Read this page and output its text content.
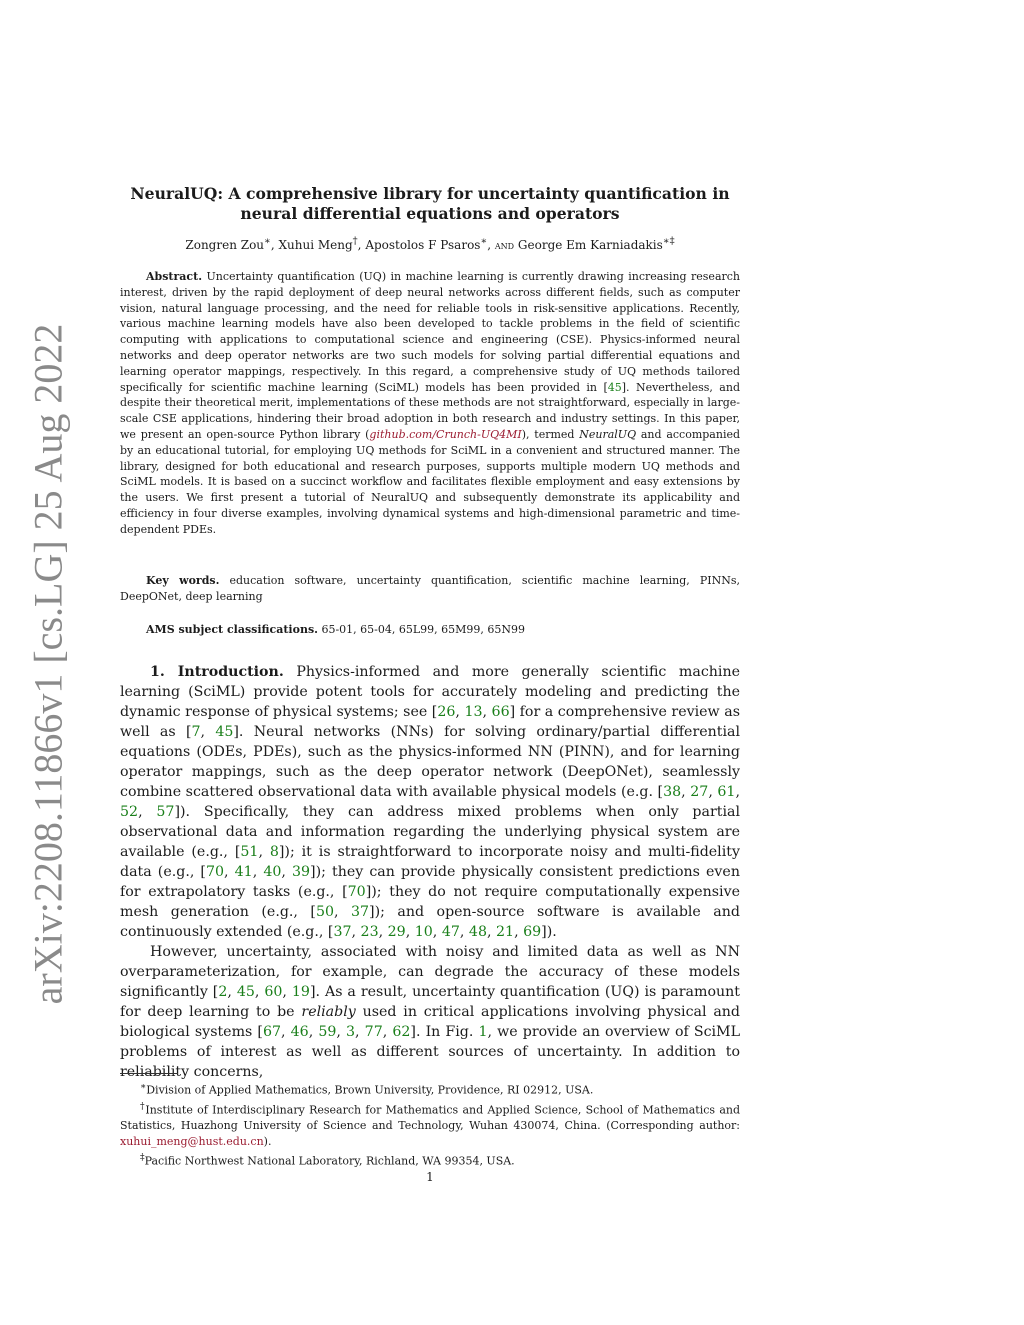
arXiv:2208.11866v1 [cs.LG] 25 Aug 2022
NeuralUQ: A comprehensive library for uncertainty quantification in
neural differential equations and operators
Zongren Zou∗, Xuhui Meng†, Apostolos F Psaros∗, and George Em Karniadakis∗‡
Abstract. Uncertainty quantification (UQ) in machine learning is currently drawing increasing research interest, driven by the rapid deployment of deep neural networks across different fields, such as computer vision, natural language processing, and the need for reliable tools in risk-sensitive applications. Recently, various machine learning models have also been developed to tackle problems in the field of scientific computing with applications to computational science and engineering (CSE). Physics-informed neural networks and deep operator networks are two such models for solving partial differential equations and learning operator mappings, respectively. In this regard, a comprehensive study of UQ methods tailored specifically for scientific machine learning (SciML) models has been provided in [45]. Nevertheless, and despite their theoretical merit, implementations of these methods are not straightforward, especially in large-scale CSE applications, hindering their broad adoption in both research and industry settings. In this paper, we present an open-source Python library (github.com/Crunch-UQ4MI), termed NeuralUQ and accompanied by an educational tutorial, for employing UQ methods for SciML in a convenient and structured manner. The library, designed for both educational and research purposes, supports multiple modern UQ methods and SciML models. It is based on a succinct workflow and facilitates flexible employment and easy extensions by the users. We first present a tutorial of NeuralUQ and subsequently demonstrate its applicability and efficiency in four diverse examples, involving dynamical systems and high-dimensional parametric and time-dependent PDEs.
Key words. education software, uncertainty quantification, scientific machine learning, PINNs, DeepONet, deep learning
AMS subject classifications. 65-01, 65-04, 65L99, 65M99, 65N99

1. Introduction. Physics-informed and more generally scientific machine learning (SciML) provide potent tools for accurately modeling and predicting the dynamic response of physical systems; see [26, 13, 66] for a comprehensive review as well as [7, 45]. Neural networks (NNs) for solving ordinary/partial differential equations (ODEs, PDEs), such as the physics-informed NN (PINN), and for learning operator mappings, such as the deep operator network (DeepONet), seamlessly combine scattered observational data with available physical models (e.g. [38, 27, 61, 52, 57]). Specifically, they can address mixed problems when only partial observational data and information regarding the underlying physical system are available (e.g., [51, 8]); it is straightforward to incorporate noisy and multi-fidelity data (e.g., [70, 41, 40, 39]); they can provide physically consistent predictions even for extrapolatory tasks (e.g., [70]); they do not require computationally expensive mesh generation (e.g., [50, 37]); and open-source software is available and continuously extended (e.g., [37, 23, 29, 10, 47, 48, 21, 69]).

However, uncertainty, associated with noisy and limited data as well as NN overparameterization, for example, can degrade the accuracy of these models significantly [2, 45, 60, 19]. As a result, uncertainty quantification (UQ) is paramount for deep learning to be reliably used in critical applications involving physical and biological systems [67, 46, 59, 3, 77, 62]. In Fig. 1, we provide an overview of SciML problems of interest as well as different sources of uncertainty. In addition to reliability concerns,

∗Division of Applied Mathematics, Brown University, Providence, RI 02912, USA.

†Institute of Interdisciplinary Research for Mathematics and Applied Science, School of Mathematics and Statistics, Huazhong University of Science and Technology, Wuhan 430074, China. (Corresponding author: xuhui_meng@hust.edu.cn).

‡Pacific Northwest National Laboratory, Richland, WA 99354, USA.

1
